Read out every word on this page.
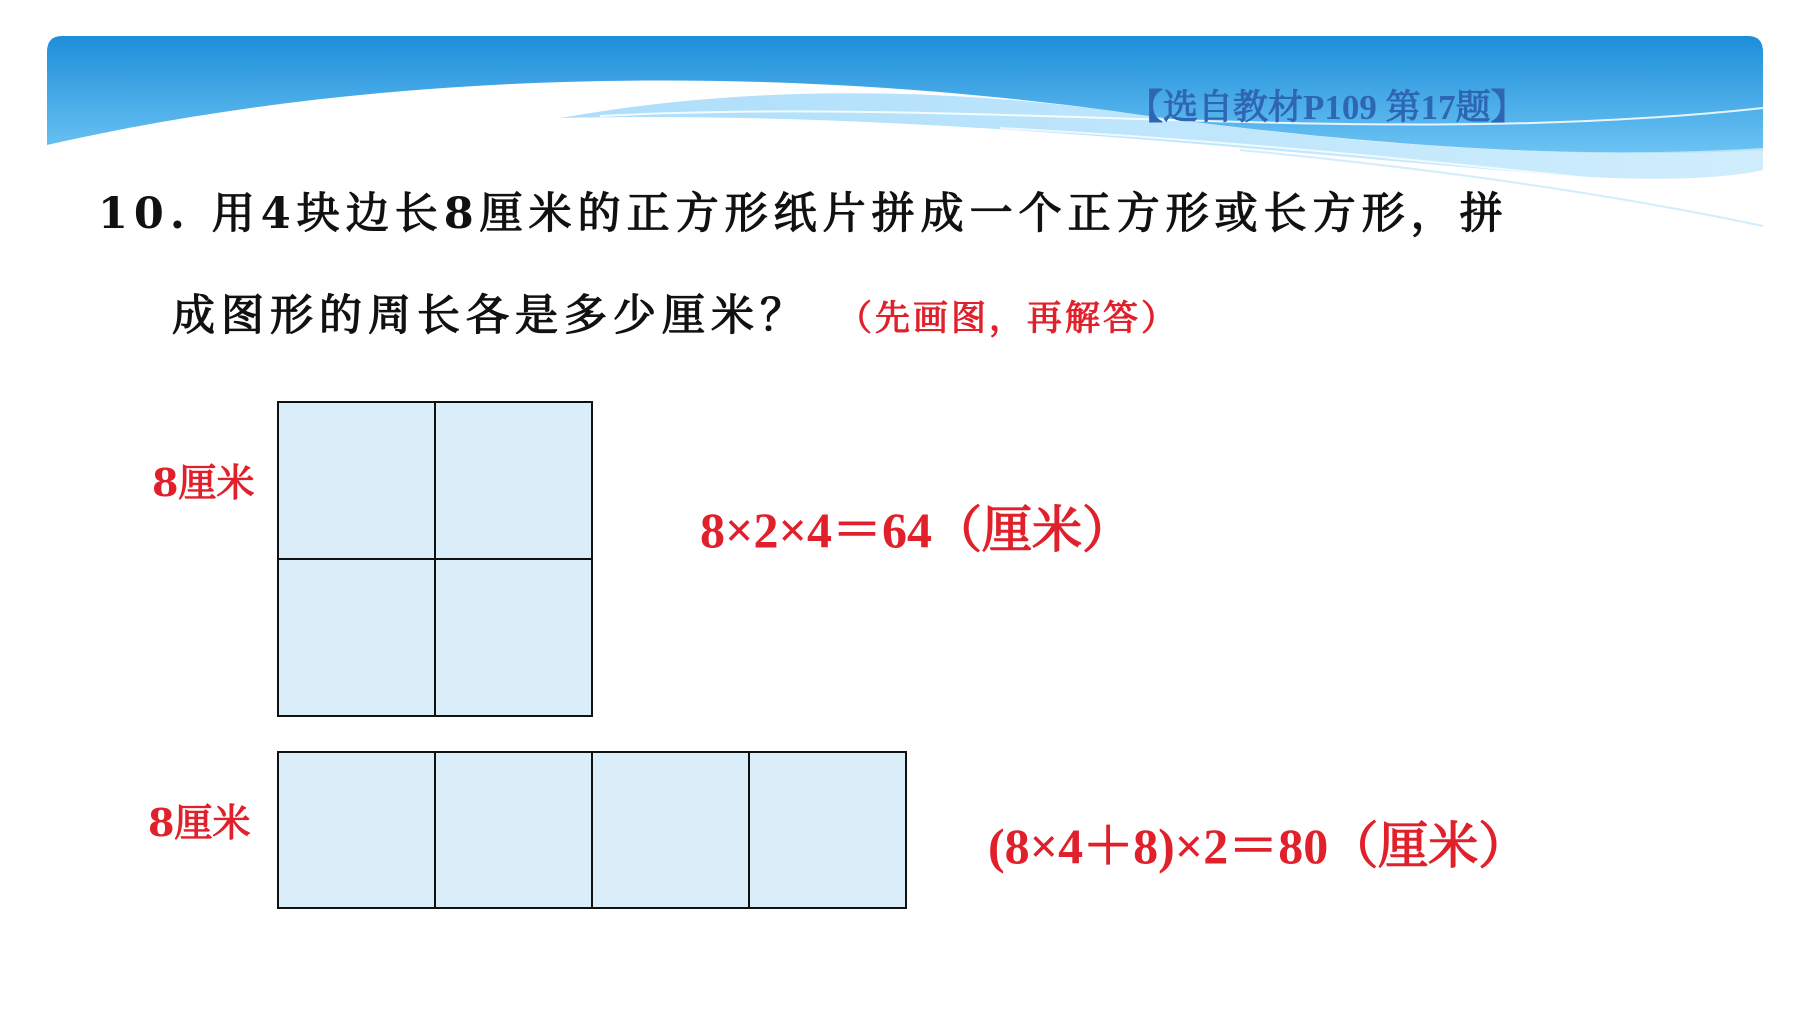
【选自教材P109 第17题】
10. 用4块边长8厘米的正方形纸片拼成一个正方形或长方形，拼
成图形的周长各是多少厘米？ （先画图，再解答）
8厘米
8×2×4＝64（厘米）
8厘米	(8×4＋8)×2＝80（厘米）
